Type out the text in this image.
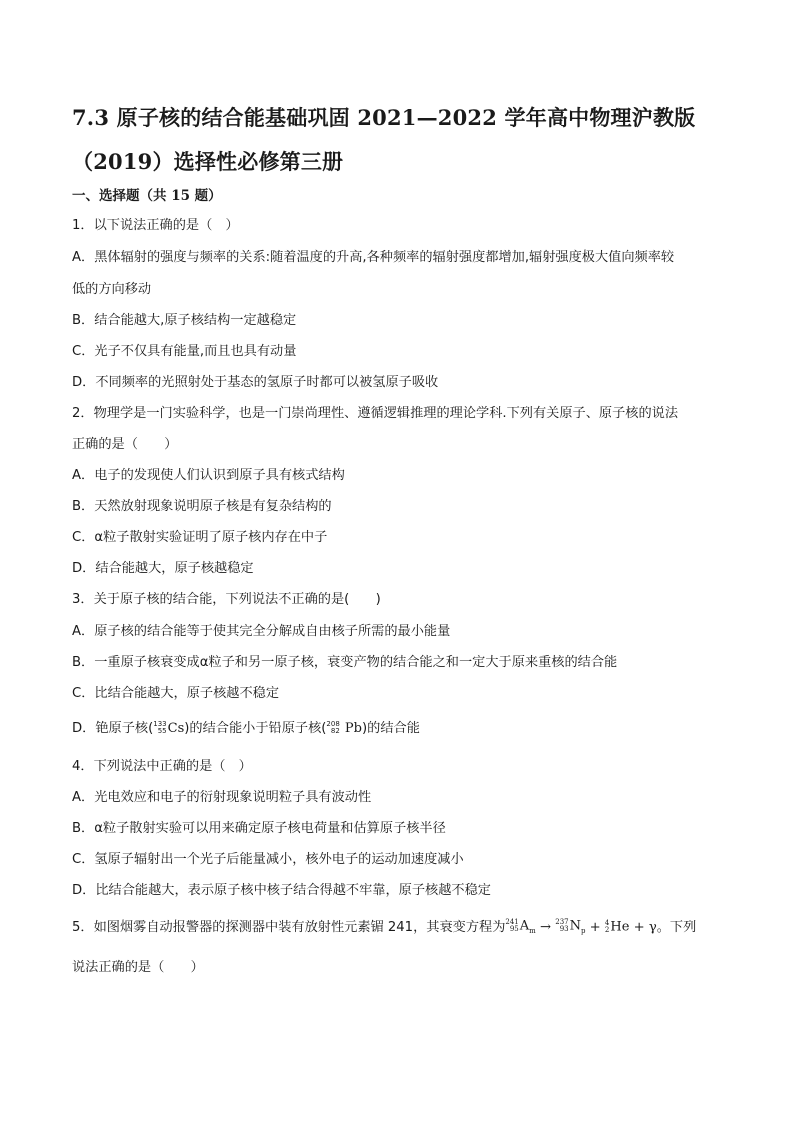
7.3 原子核的结合能基础巩固 2021—2022 学年高中物理沪教版
（2019）选择性必修第三册
一、选择题（共 15 题）
1．以下说法正确的是（　）
A．黑体辐射的强度与频率的关系:随着温度的升高,各种频率的辐射强度都增加,辐射强度极大值向频率较
低的方向移动
B．结合能越大,原子核结构一定越稳定
C．光子不仅具有能量,而且也具有动量
D．不同频率的光照射处于基态的氢原子时都可以被氢原子吸收
2．物理学是一门实验科学，也是一门崇尚理性、遵循逻辑推理的理论学科.下列有关原子、原子核的说法
正确的是（　　）
A．电子的发现使人们认识到原子具有核式结构
B．天然放射现象说明原子核是有复杂结构的
C．α粒子散射实验证明了原子核内存在中子
D．结合能越大，原子核越稳定
3．关于原子核的结合能，下列说法不正确的是(　　)
A．原子核的结合能等于使其完全分解成自由核子所需的最小能量
B．一重原子核衰变成α粒子和另一原子核，衰变产物的结合能之和一定大于原来重核的结合能
C．比结合能越大，原子核越不稳定
D．铯原子核( 133
55 Cs)的结合能小于铅原子核( 208
82 Pb)的结合能
4．下列说法中正确的是（　）
A．光电效应和电子的衍射现象说明粒子具有波动性
B．α粒子散射实验可以用来确定原子核电荷量和估算原子核半径
C．氢原子辐射出一个光子后能量减小，核外电子的运动加速度减小
D．比结合能越大，表示原子核中核子结合得越不牢靠，原子核越不稳定
5．如图烟雾自动报警器的探测器中装有放射性元素镅 241，其衰变方程为 241
95 $A_m \to 237$
93 $N_p + 4$
2 He + γ。下列
说法正确的是（　　）
